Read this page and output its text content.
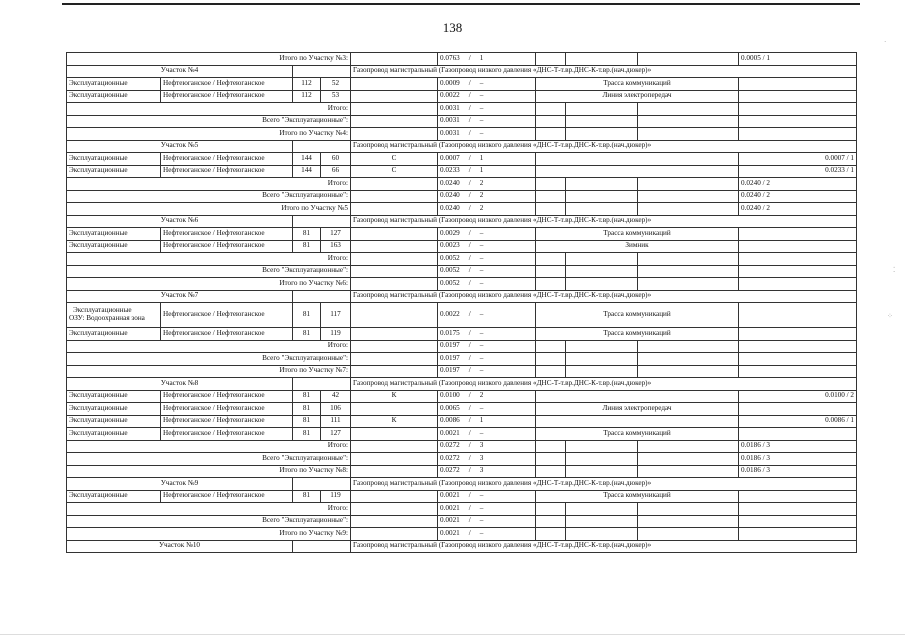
138
Итого по Участку №3:					0.0763 / 1				0.0005 / 1
Участок №4				Газопровод магистральный (Газопровод низкого давления «ДНС-Т-т.вр.ДНС-К-т.вр.(нач.дюкер)»					
Эксплуатационные	Нефтеюганское / Нефтеюганское	112	52		0.0009 / –	Трасса коммуникаций			
Эксплуатационные	Нефтеюганское / Нефтеюганское	112	53		0.0022 / –	Линия электропередач			
Итого:					0.0031 / –				
Всего "Эксплуатационные":					0.0031 / –				
Итого по Участку №4:					0.0031 / –				
Участок №5				Газопровод магистральный (Газопровод низкого давления «ДНС-Т-т.вр.ДНС-К-т.вр.(нач.дюкер)»					
Эксплуатационные	Нефтеюганское / Нефтеюганское	144	60	С	0.0007 / 1				0.0007 / 1
Эксплуатационные	Нефтеюганское / Нефтеюганское	144	66	С	0.0233 / 1				0.0233 / 1
Итого:					0.0240 / 2				0.0240 / 2
Всего "Эксплуатационные":					0.0240 / 2				0.0240 / 2
Итого по Участку №5					0.0240 / 2				0.0240 / 2
Участок №6				Газопровод магистральный (Газопровод низкого давления «ДНС-Т-т.вр.ДНС-К-т.вр.(нач.дюкер)»					
Эксплуатационные	Нефтеюганское / Нефтеюганское	81	127		0.0029 / –	Трасса коммуникаций			
Эксплуатационные	Нефтеюганское / Нефтеюганское	81	163		0.0023 / –	Зимник			
Итого:					0.0052 / –				
Всего "Эксплуатационные":					0.0052 / –				
Итого по Участку №6:					0.0052 / –				
Участок №7				Газопровод магистральный (Газопровод низкого давления «ДНС-Т-т.вр.ДНС-К-т.вр.(нач.дюкер)»					

Эксплуатационные
ОЗУ: Водоохранная зона	Нефтеюганское / Нефтеюганское	81	117		0.0022 / –	Трасса коммуникаций			
Эксплуатационные	Нефтеюганское / Нефтеюганское	81	119		0.0175 / –	Трасса коммуникаций			
Итого:					0.0197 / –				
Всего "Эксплуатационные":					0.0197 / –				
Итого по Участку №7:					0.0197 / –				
Участок №8				Газопровод магистральный (Газопровод низкого давления «ДНС-Т-т.вр.ДНС-К-т.вр.(нач.дюкер)»					
Эксплуатационные	Нефтеюганское / Нефтеюганское	81	42	К	0.0100 / 2				0.0100 / 2
Эксплуатационные	Нефтеюганское / Нефтеюганское	81	106		0.0065 / –	Линия электропередач			
Эксплуатационные	Нефтеюганское / Нефтеюганское	81	111	К	0.0086 / 1				0.0086 / 1
Эксплуатационные	Нефтеюганское / Нефтеюганское	81	127		0.0021 / –	Трасса коммуникаций			
Итого:					0.0272 / 3				0.0186 / 3
Всего "Эксплуатационные":					0.0272 / 3				0.0186 / 3
Итого по Участку №8:					0.0272 / 3				0.0186 / 3
Участок №9				Газопровод магистральный (Газопровод низкого давления «ДНС-Т-т.вр.ДНС-К-т.вр.(нач.дюкер)»					
Эксплуатационные	Нефтеюганское / Нефтеюганское	81	119		0.0021 / –	Трасса коммуникаций			
Итого:					0.0021 / –				
Всего "Эксплуатационные":					0.0021 / –				
Итого по Участку №9:					0.0021 / –				
Участок №10				Газопровод магистральный (Газопровод низкого давления «ДНС-Т-т.вр.ДНС-К-т.вр.(нач.дюкер)»					
·
⁚
⁘
